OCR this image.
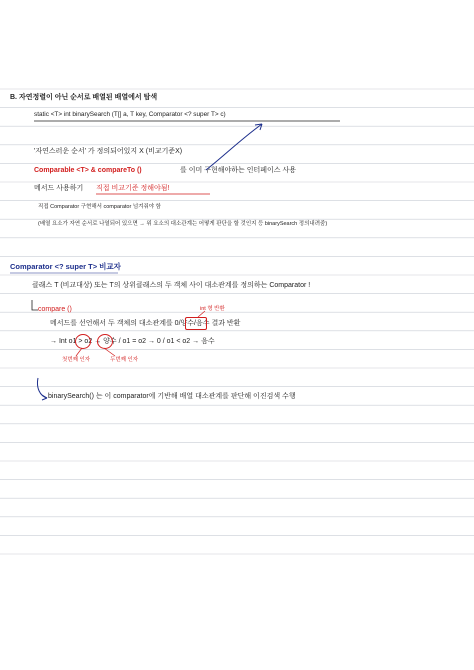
B. 자연정렬이 아닌 순서로 배열된 배열에서 탐색
static <T> int binarySearch (T[] a, T key, Comparator <? super T> c)
'자연스러운 순서' 가 정의되어있지 X (비교기준X)
Comparable <T> & compareTo ()	를 이미 구현해야하는 인터페이스 사용
메서드 사용하기 직접 비교기준 정해야됨!
직접 Comparator 구현해서 comparator 넘겨줘야 함
(배열 요소가 자연 순서로 나열되어 있으면 → 위 요소의 대소관계는 어떻게 판단을 할 것인지 등 binarySearch 정의내려줌)
Comparator <? super T> 비교자
클래스 T (비교대상) 또는 T의 상위클래스의 두 객체 사이 대소관계를 정의하는 Comparator !
compare ()	int 형 반환
메서드를 선언해서 두 객체의 대소관계를 0/양수/음수 결과 반환
→ Int o1 > o2 → 양수 / o1 = o2 → 0 / o1 < o2 → 음수
첫번째 인자	두번째 인자
binarySearch() 는 이 comparator에 기반해 배열 대소관계를 판단해 이진검색 수행
